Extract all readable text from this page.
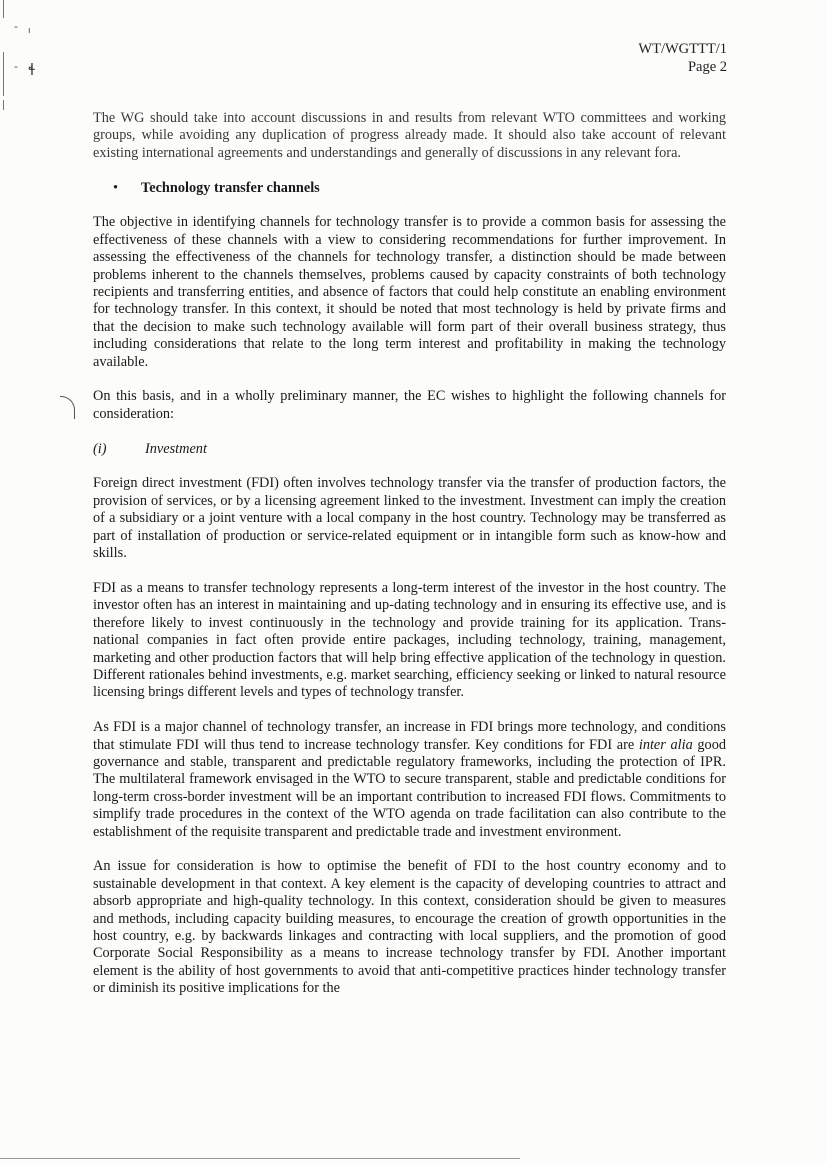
- ı
- ɬ
WT/WGTTT/1
Page 2

The WG should take into account discussions in and results from relevant WTO committees and working groups, while avoiding any duplication of progress already made. It should also take account of relevant existing international agreements and understandings and generally of discussions in any relevant fora.

•	Technology transfer channels

The objective in identifying channels for technology transfer is to provide a common basis for assessing the effectiveness of these channels with a view to considering recommendations for further improvement. In assessing the effectiveness of the channels for technology transfer, a distinction should be made between problems inherent to the channels themselves, problems caused by capacity constraints of both technology recipients and transferring entities, and absence of factors that could help constitute an enabling environment for technology transfer. In this context, it should be noted that most technology is held by private firms and that the decision to make such technology available will form part of their overall business strategy, thus including considerations that relate to the long term interest and profitability in making the technology available.

On this basis, and in a wholly preliminary manner, the EC wishes to highlight the following channels for consideration:

(i)	Investment

Foreign direct investment (FDI) often involves technology transfer via the transfer of production factors, the provision of services, or by a licensing agreement linked to the investment. Investment can imply the creation of a subsidiary or a joint venture with a local company in the host country. Technology may be transferred as part of installation of production or service-related equipment or in intangible form such as know-how and skills.

FDI as a means to transfer technology represents a long-term interest of the investor in the host country. The investor often has an interest in maintaining and up-dating technology and in ensuring its effective use, and is therefore likely to invest continuously in the technology and provide training for its application. Trans-national companies in fact often provide entire packages, including technology, training, management, marketing and other production factors that will help bring effective application of the technology in question. Different rationales behind investments, e.g. market searching, efficiency seeking or linked to natural resource licensing brings different levels and types of technology transfer.

As FDI is a major channel of technology transfer, an increase in FDI brings more technology, and conditions that stimulate FDI will thus tend to increase technology transfer. Key conditions for FDI are inter alia good governance and stable, transparent and predictable regulatory frameworks, including the protection of IPR. The multilateral framework envisaged in the WTO to secure transparent, stable and predictable conditions for long-term cross-border investment will be an important contribution to increased FDI flows. Commitments to simplify trade procedures in the context of the WTO agenda on trade facilitation can also contribute to the establishment of the requisite transparent and predictable trade and investment environment.

An issue for consideration is how to optimise the benefit of FDI to the host country economy and to sustainable development in that context. A key element is the capacity of developing countries to attract and absorb appropriate and high-quality technology. In this context, consideration should be given to measures and methods, including capacity building measures, to encourage the creation of growth opportunities in the host country, e.g. by backwards linkages and contracting with local suppliers, and the promotion of good Corporate Social Responsibility as a means to increase technology transfer by FDI. Another important element is the ability of host governments to avoid that anti-competitive practices hinder technology transfer or diminish its positive implications for the
